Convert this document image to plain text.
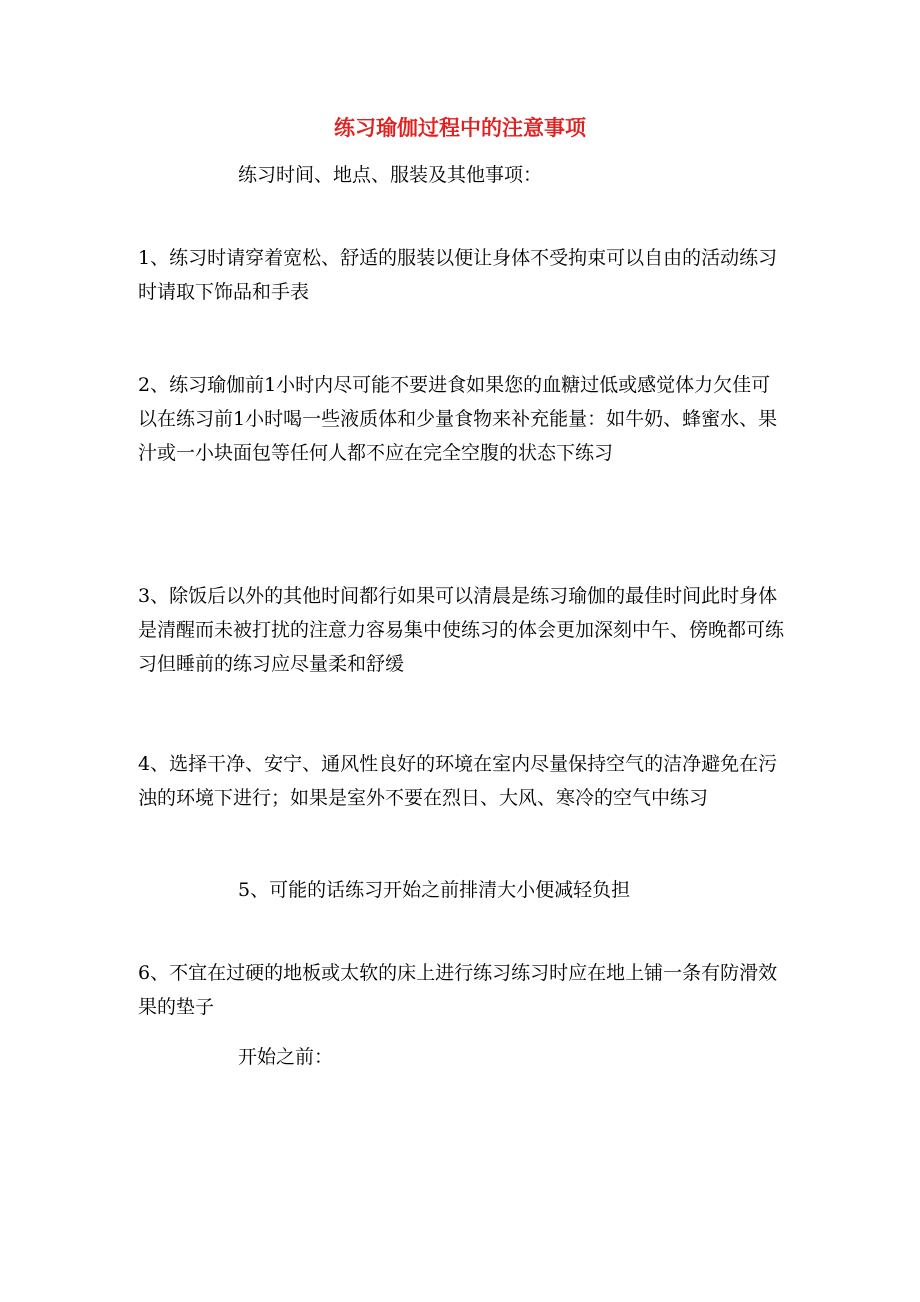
练习瑜伽过程中的注意事项

练习时间、地点、服装及其他事项：

1、练习时请穿着宽松、舒适的服装以便让身体不受拘束可以自由的活动练习时请取下饰品和手表

2、练习瑜伽前1小时内尽可能不要进食如果您的血糖过低或感觉体力欠佳可以在练习前1小时喝一些液质体和少量食物来补充能量：如牛奶、蜂蜜水、果汁或一小块面包等任何人都不应在完全空腹的状态下练习

3、除饭后以外的其他时间都行如果可以清晨是练习瑜伽的最佳时间此时身体是清醒而未被打扰的注意力容易集中使练习的体会更加深刻中午、傍晚都可练习但睡前的练习应尽量柔和舒缓

4、选择干净、安宁、通风性良好的环境在室内尽量保持空气的洁净避免在污浊的环境下进行；如果是室外不要在烈日、大风、寒冷的空气中练习

5、可能的话练习开始之前排清大小便减轻负担

6、不宜在过硬的地板或太软的床上进行练习练习时应在地上铺一条有防滑效果的垫子

开始之前：
